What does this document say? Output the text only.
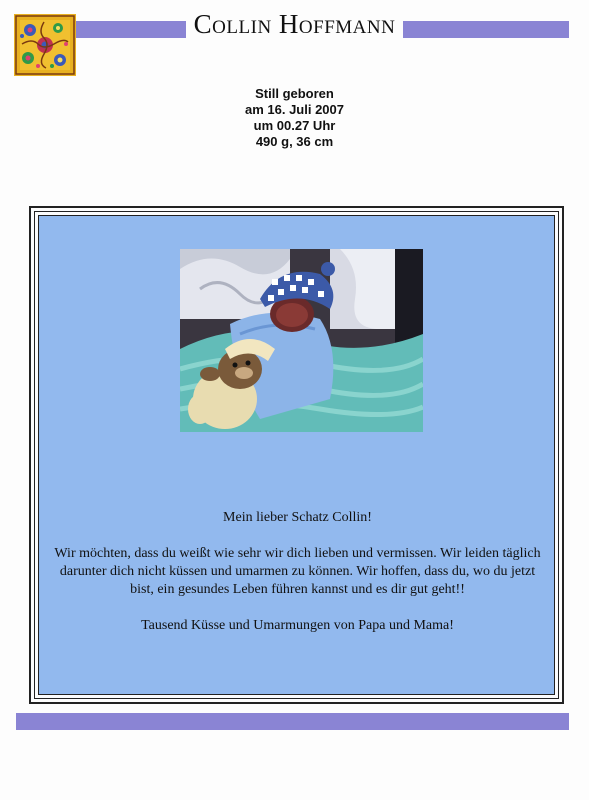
Collin Hoffmann
Still geboren
am 16. Juli 2007
um 00.27 Uhr
490 g, 36 cm

Mein lieber Schatz Collin!

Wir möchten, dass du weißt wie sehr wir dich lieben und vermissen. Wir leiden täglich darunter dich nicht küssen und umarmen zu können. Wir hoffen, dass du, wo du jetzt bist, ein gesundes Leben führen kannst und es dir gut geht!!

Tausend Küsse und Umarmungen von Papa und Mama!
